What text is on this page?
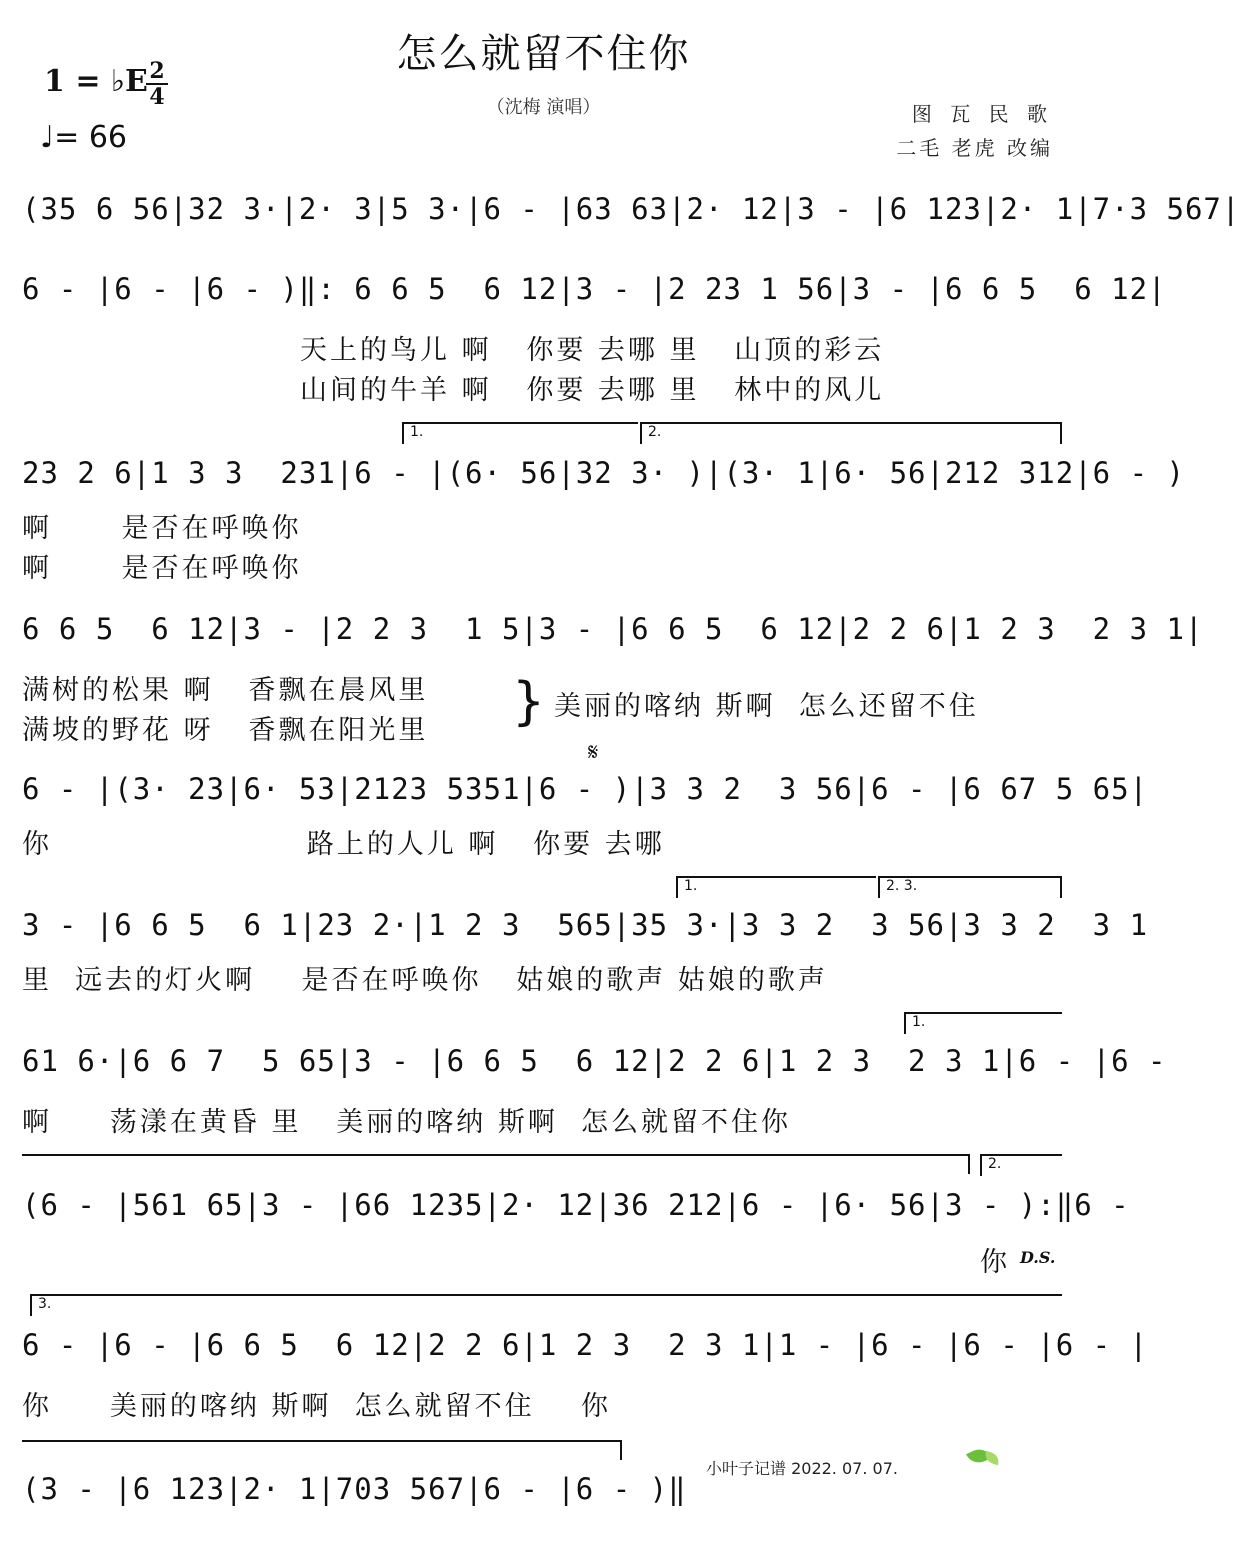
怎么就留不住你
（沈梅 演唱）
1 = ♭E 2
4
♩= 66
图 瓦 民 歌
二毛 老虎 改编
(35 6 56|32 3·|2· 3|5 3·|6 - |63 63|2· 12|3 - |6 123|2· 1|7·3 567|
6 - |6 - |6 - )‖: 6 6 5  6 12|3 - |2 23 1 56|3 - |6 6 5  6 12|
天上的鸟儿 啊   你要 去哪 里   山顶的彩云
山间的牛羊 啊   你要 去哪 里   林中的风儿
1.	2.
23 2 6|1 3 3  231|6 - |(6· 56|32 3· )|(3· 1|6· 56|212 312|6 - )
啊      是否在呼唤你
啊      是否在呼唤你
6 6 5  6 12|3 - |2 2 3  1 5|3 - |6 6 5  6 12|2 2 6|1 2 3  2 3 1|
满树的松果 啊   香飘在晨风里
满坡的野花 呀   香飘在阳光里 } 美丽的喀纳 斯啊  怎么还留不住
𝄋
6 - |(3· 23|6· 53|2123 5351|6 - )|3 3 2  3 56|6 - |6 67 5 65|
你                      路上的人儿 啊   你要 去哪
1.	2. 3.
3 - |6 6 5  6 1|23 2·|1 2 3  565|35 3·|3 3 2  3 56|3 3 2  3 1
里  远去的灯火啊    是否在呼唤你   姑娘的歌声 姑娘的歌声
1.
61 6·|6 6 7  5 65|3 - |6 6 5  6 12|2 2 6|1 2 3  2 3 1|6 - |6 -
啊     荡漾在黄昏 里   美丽的喀纳 斯啊  怎么就留不住你
2.
(6 - |561 65|3 - |66 1235|2· 12|36 212|6 - |6· 56|3 - ):‖6 -
你 D.S.
3.
6 - |6 - |6 6 5  6 12|2 2 6|1 2 3  2 3 1|1 - |6 - |6 - |6 - |
你     美丽的喀纳 斯啊  怎么就留不住    你
(3 - |6 123|2· 1|703 567|6 - |6 - )‖
小叶子记谱 2022. 07. 07.
